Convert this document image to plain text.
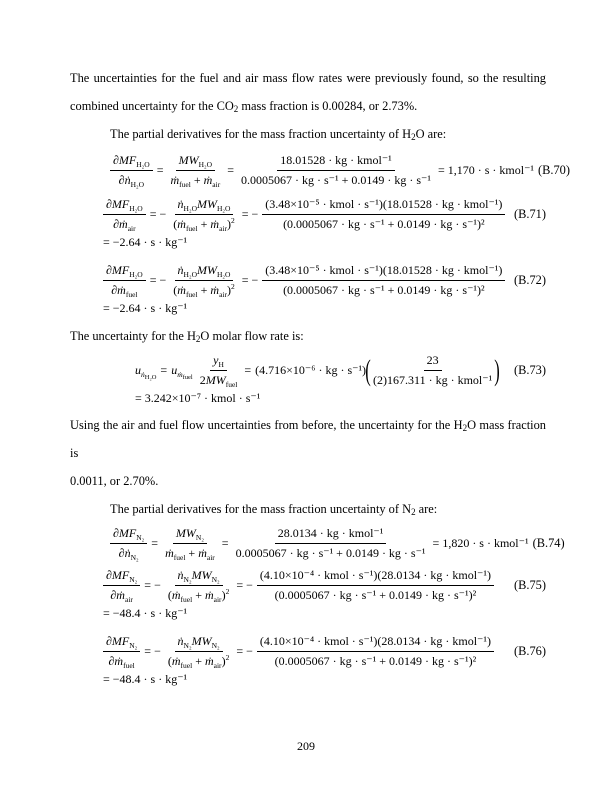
The uncertainties for the fuel and air mass flow rates were previously found, so the resulting
combined uncertainty for the $CO_2$ mass fraction is 0.00284, or 2.73%.
The partial derivatives for the mass fraction uncertainty of $H_2O$ are:
$\frac{\partial MF_{H_2O}}{\partial ṅ_{H_2O}} = \frac{MW_{H_2O}}{ṁ_{fuel} + ṁ_{air}} = \frac{\text{18.01528 · kg · kmol⁻¹}}{\text{0.0005067 · kg · s⁻¹ + 0.0149 · kg · s⁻¹}} = 1,170 \cdot s$ · kmol⁻¹ (B.70)
$\frac{\partial MF_{H_2O}}{\partial ṁ_{air}}$ = − $\frac{ṅ_{H_2O}MW_{H_2O}}{(ṁ_{fuel} + ṁ_{air})^2}$ = − $\frac{\text{(3.48×10⁻⁵ · kmol · s⁻¹)(18.01528 · kg · kmol⁻¹)}}{\text{(0.0005067 · kg · s⁻¹ + 0.0149 · kg · s⁻¹)²}} (B.71)$
= −2.64 · s · kg⁻¹
$\frac{\partial MF_{H_2O}}{\partial ṁ_{fuel}}$ = − $\frac{ṅ_{H_2O}MW_{H_2O}}{(ṁ_{fuel} + ṁ_{air})^2}$ = − $\frac{\text{(3.48×10⁻⁵ · kmol · s⁻¹)(18.01528 · kg · kmol⁻¹)}}{\text{(0.0005067 · kg · s⁻¹ + 0.0149 · kg · s⁻¹)²}} (B.72)$
= −2.64 · s · kg⁻¹
The uncertainty for the $H_2O$ molar flow rate is:
$u_{ṅ_{H_2O}}$
= $u_{ṁ_{fuel}} \frac{y_H}{2MW_{fuel}} = (4.716\times 10^{-6}$ · kg · s⁻¹) ( $\frac{23}{\text{(2)167.311 · kg · kmol⁻¹}}$ ) (B.73)
= 3.242×10⁻⁷ · kmol · s⁻¹
Using the air and fuel flow uncertainties from before, the uncertainty for the $H_2O$ mass fraction is
0.0011, or 2.70%.
The partial derivatives for the mass fraction uncertainty of $N_2$ are:
$\frac{\partial MF_{N_2}}{\partial ṅ_{N_2}} = \frac{MW_{N_2}}{ṁ_{fuel} + ṁ_{air}} = \frac{\text{28.0134 · kg · kmol⁻¹}}{\text{0.0005067 · kg · s⁻¹ + 0.0149 · kg · s⁻¹}} = 1,820 \cdot s$ · kmol⁻¹ (B.74)
$\frac{\partial MF_{N_2}}{\partial ṁ_{air}}$ = − $\frac{ṅ_{N_2}MW_{N_2}}{(ṁ_{fuel} + ṁ_{air})^2}$ = − $\frac{\text{(4.10×10⁻⁴ · kmol · s⁻¹)(28.0134 · kg · kmol⁻¹)}}{\text{(0.0005067 · kg · s⁻¹ + 0.0149 · kg · s⁻¹)²}} (B.75)$
= −48.4 · s · kg⁻¹
$\frac{\partial MF_{N_2}}{\partial ṁ_{fuel}}$ = − $\frac{ṅ_{N_2}MW_{N_2}}{(ṁ_{fuel} + ṁ_{air})^2}$ = − $\frac{\text{(4.10×10⁻⁴ · kmol · s⁻¹)(28.0134 · kg · kmol⁻¹)}}{\text{(0.0005067 · kg · s⁻¹ + 0.0149 · kg · s⁻¹)²}} (B.76)$
= −48.4 · s · kg⁻¹
209
